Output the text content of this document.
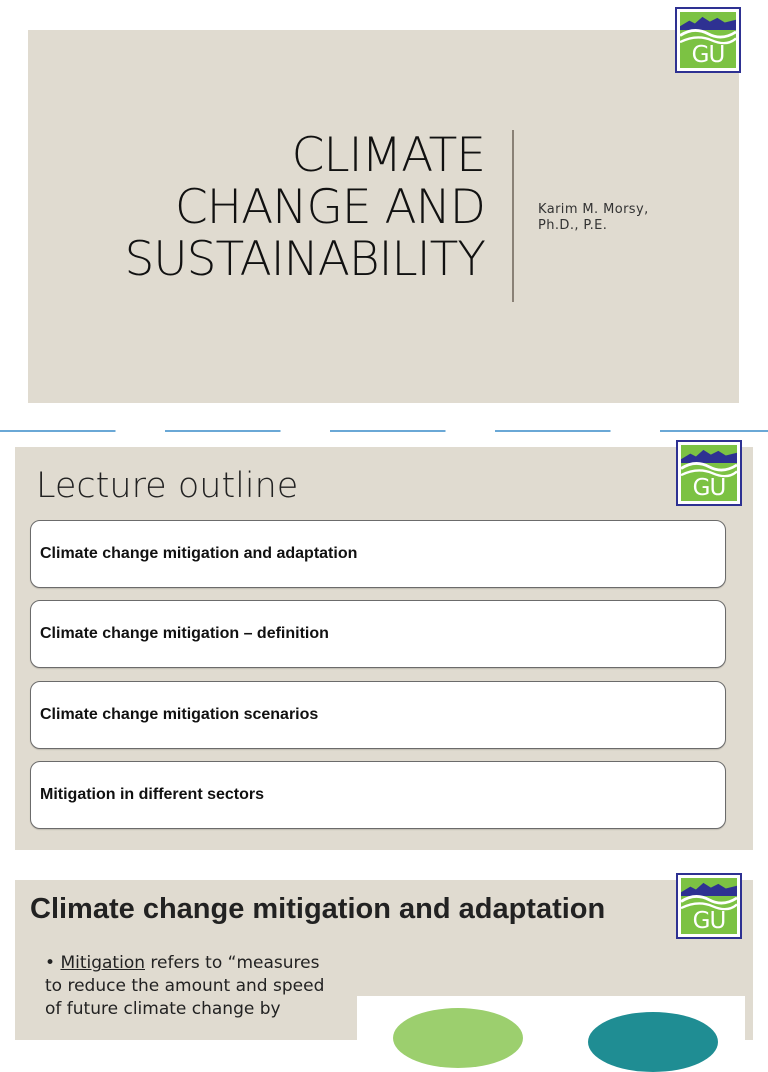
GU
CLIMATE
CHANGE AND
SUSTAINABILITY
Karim M. Morsy,
Ph.D., P.E.
GU
Lecture outline
Climate change mitigation and adaptation
Climate change mitigation – definition
Climate change mitigation scenarios
Mitigation in different sectors
Climate change mitigation and adaptation	GU
• Mitigation refers to “measures
to reduce the amount and speed
of future climate change by
